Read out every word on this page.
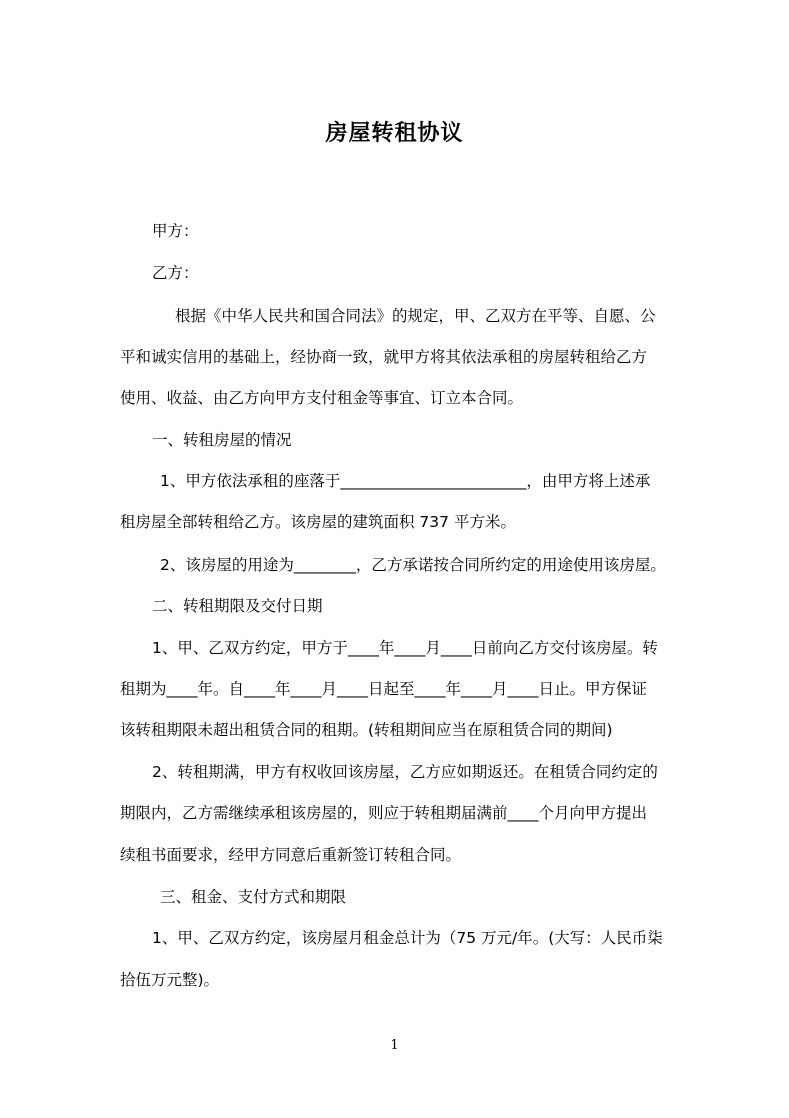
房屋转租协议
甲方：
乙方：
根据《中华人民共和国合同法》的规定，甲、乙双方在平等、自愿、公
平和诚实信用的基础上，经协商一致，就甲方将其依法承租的房屋转租给乙方
使用、收益、由乙方向甲方支付租金等事宜、订立本合同。
一、转租房屋的情况
1、甲方依法承租的座落于________________________，由甲方将上述承
租房屋全部转租给乙方。该房屋的建筑面积 737 平方米。
2、该房屋的用途为________，乙方承诺按合同所约定的用途使用该房屋。
二、转租期限及交付日期
1、甲、乙双方约定，甲方于____年____月____日前向乙方交付该房屋。转
租期为____年。自____年____月____日起至____年____月____日止。甲方保证
该转租期限未超出租赁合同的租期。(转租期间应当在原租赁合同的期间)
2、转租期满，甲方有权收回该房屋，乙方应如期返还。在租赁合同约定的
期限内，乙方需继续承租该房屋的，则应于转租期届满前____个月向甲方提出
续租书面要求，经甲方同意后重新签订转租合同。
三、租金、支付方式和期限
1、甲、乙双方约定，该房屋月租金总计为（75 万元/年。(大写：人民币柒
拾伍万元整)。
1
